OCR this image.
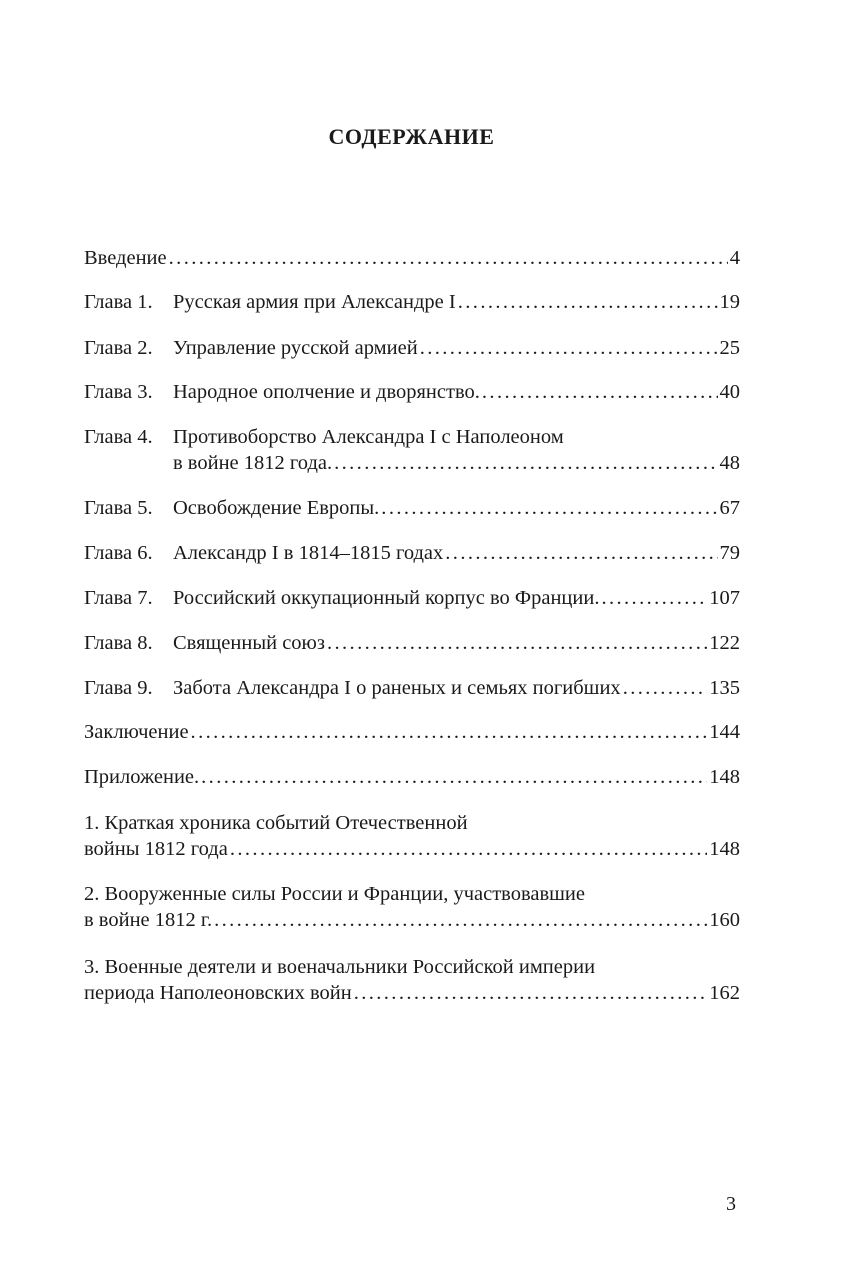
СОДЕРЖАНИЕ
Введение .....	4
Глава 1. Русская армия при Александре I .....	19
Глава 2. Управление русской армией .....	25
Глава 3. Народное ополчение и дворянство. .....	40
Глава 4. Противоборство Александра I с Наполеоном
в войне 1812 года. .....	48
Глава 5. Освобождение Европы. .....	67
Глава 6. Александр I в 1814–1815 годах .....	79
Глава 7. Российский оккупационный корпус во Франции. .....	107
Глава 8. Священный союз .....	122
Глава 9. Забота Александра I о раненых и семьях погибших .....	135
Заключение .....	144
Приложение. .....	148
1. Краткая хроника событий Отечественной
войны 1812 года .....	148
2. Вооруженные силы России и Франции, участвовавшие
в войне 1812 г. .....	160
3. Военные деятели и военачальники Российской империи
периода Наполеоновских войн .....	162
3
